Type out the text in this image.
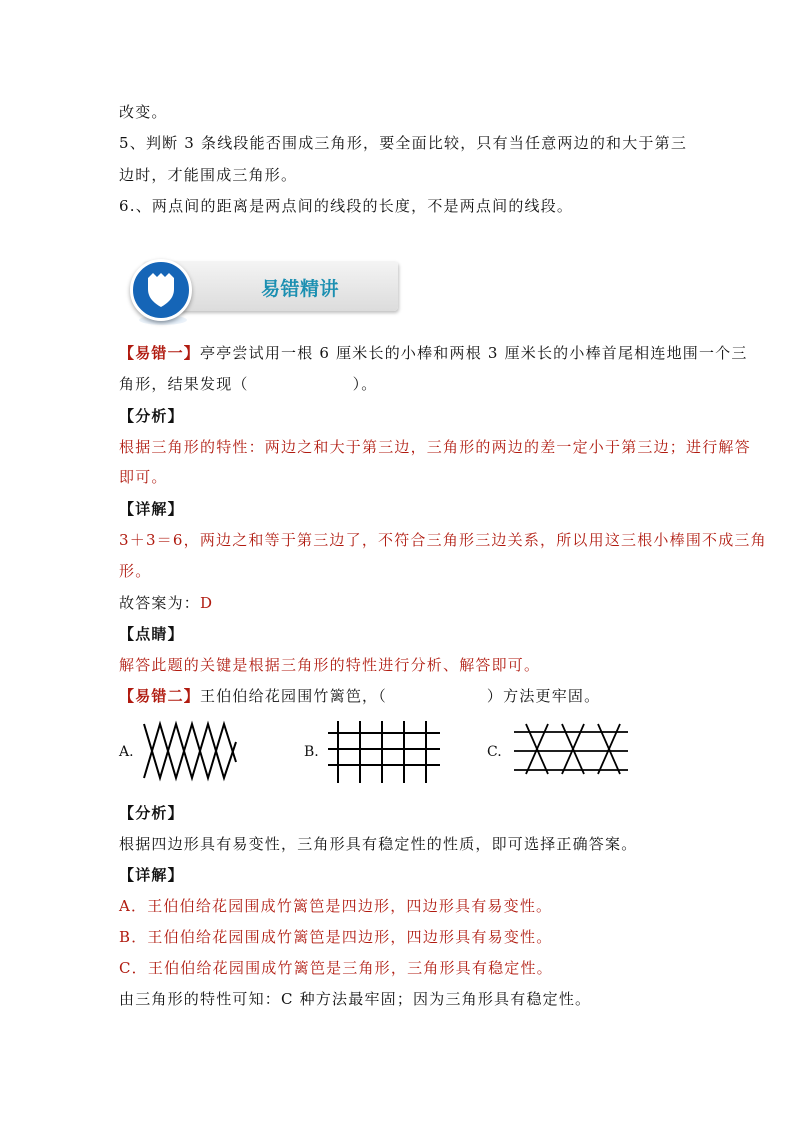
改变。
5、判断 3 条线段能否围成三角形，要全面比较，只有当任意两边的和大于第三
边时，才能围成三角形。
6.、两点间的距离是两点间的线段的长度，不是两点间的线段。
易错精讲
【易错一】亭亭尝试用一根 6 厘米长的小棒和两根 3 厘米长的小棒首尾相连地围一个三
角形，结果发现（	）。
【分析】
根据三角形的特性：两边之和大于第三边，三角形的两边的差一定小于第三边；进行解答
即可。
【详解】
3＋3＝6，两边之和等于第三边了，不符合三角形三边关系，所以用这三根小棒围不成三角
形。
故答案为：D
【点睛】
解答此题的关键是根据三角形的特性进行分析、解答即可。
【易错二】王伯伯给花园围竹篱笆，（	）方法更牢固。
A.	B.	C.
【分析】
根据四边形具有易变性，三角形具有稳定性的性质，即可选择正确答案。
【详解】
A．王伯伯给花园围成竹篱笆是四边形，四边形具有易变性。
B．王伯伯给花园围成竹篱笆是四边形，四边形具有易变性。
C．王伯伯给花园围成竹篱笆是三角形，三角形具有稳定性。
由三角形的特性可知：C 种方法最牢固；因为三角形具有稳定性。
